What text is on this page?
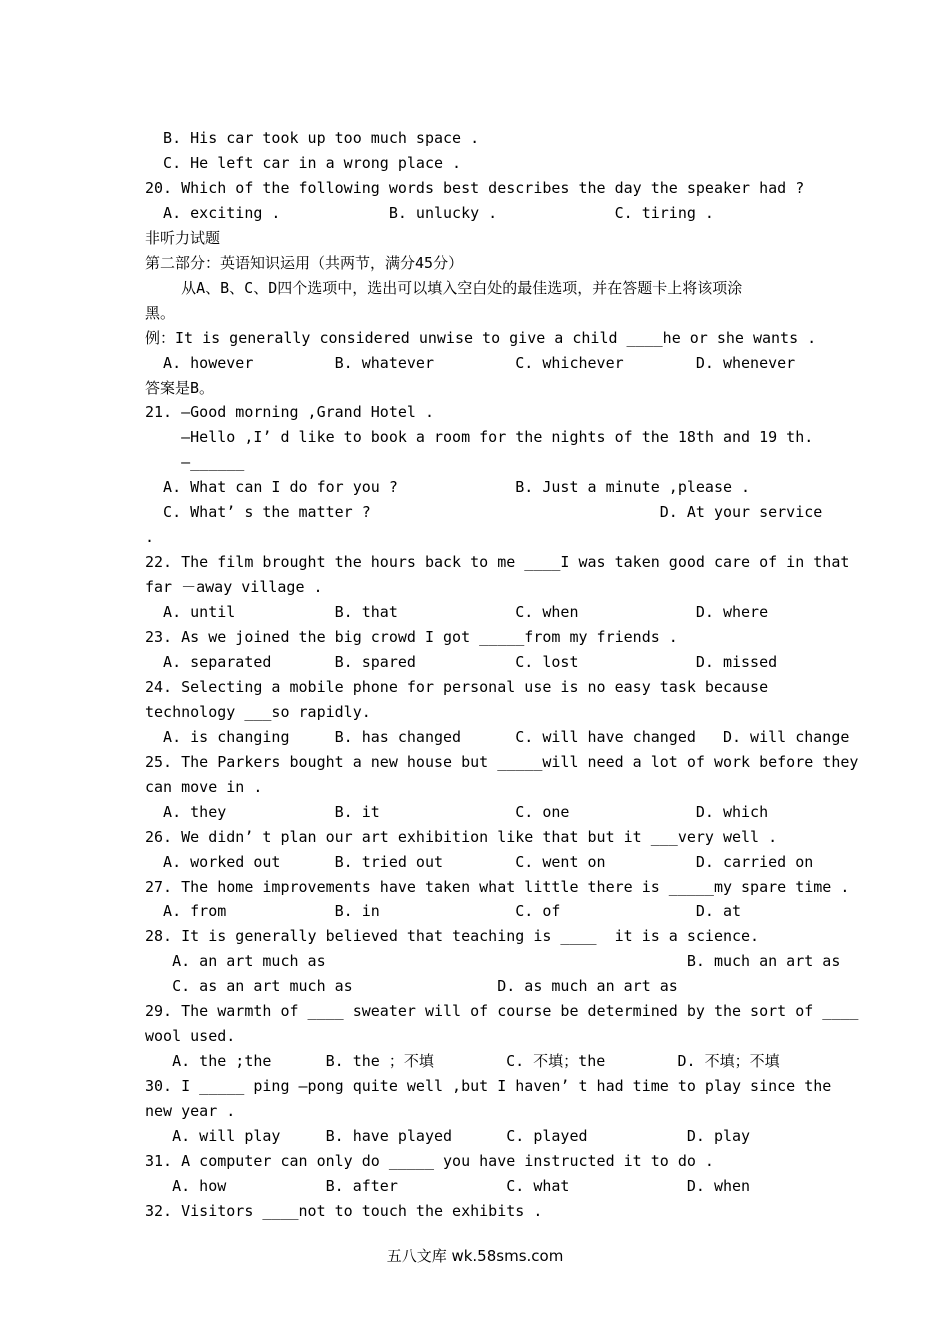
B. His car took up too much space .
C. He left car in a wrong place .
20. Which of the following words best describes the day the speaker had ?
A. exciting .            B. unlucky .             C. tiring .
非听力试题
第二部分：英语知识运用（共两节，满分45分）
从A、B、C、D四个选项中，选出可以填入空白处的最佳选项，并在答题卡上将该项涂
黑。
例：It is generally considered unwise to give a child ____he or she wants .
A. however         B. whatever         C. whichever        D. whenever
答案是B。
21. —Good morning ,Grand Hotel .
—Hello ,I’ d like to book a room for the nights of the 18th and 19 th.
—______
A. What can I do for you ?             B. Just a minute ,please .
C. What’ s the matter ?                                D. At your service
.
22. The film brought the hours back to me ____I was taken good care of in that
far －away village .
A. until           B. that             C. when             D. where
23. As we joined the big crowd I got _____from my friends .
A. separated       B. spared           C. lost             D. missed
24. Selecting a mobile phone for personal use is no easy task because
technology ___so rapidly.
A. is changing     B. has changed      C. will have changed   D. will change
25. The Parkers bought a new house but _____will need a lot of work before they
can move in .
A. they            B. it               C. one              D. which
26. We didn’ t plan our art exhibition like that but it ___very well .
A. worked out      B. tried out        C. went on          D. carried on
27. The home improvements have taken what little there is _____my spare time .
A. from            B. in               C. of               D. at
28. It is generally believed that teaching is ____  it is a science.
A. an art much as                                        B. much an art as
C. as an art much as                D. as much an art as
29. The warmth of ____ sweater will of course be determined by the sort of ____
wool used.
A. the ;the      B. the ；不填        C. 不填；the        D. 不填；不填
30. I _____ ping —pong quite well ,but I haven’ t had time to play since the
new year .
A. will play     B. have played      C. played           D. play
31. A computer can only do _____ you have instructed it to do .
A. how           B. after            C. what             D. when
32. Visitors ____not to touch the exhibits .
五八文库 wk.58sms.com
